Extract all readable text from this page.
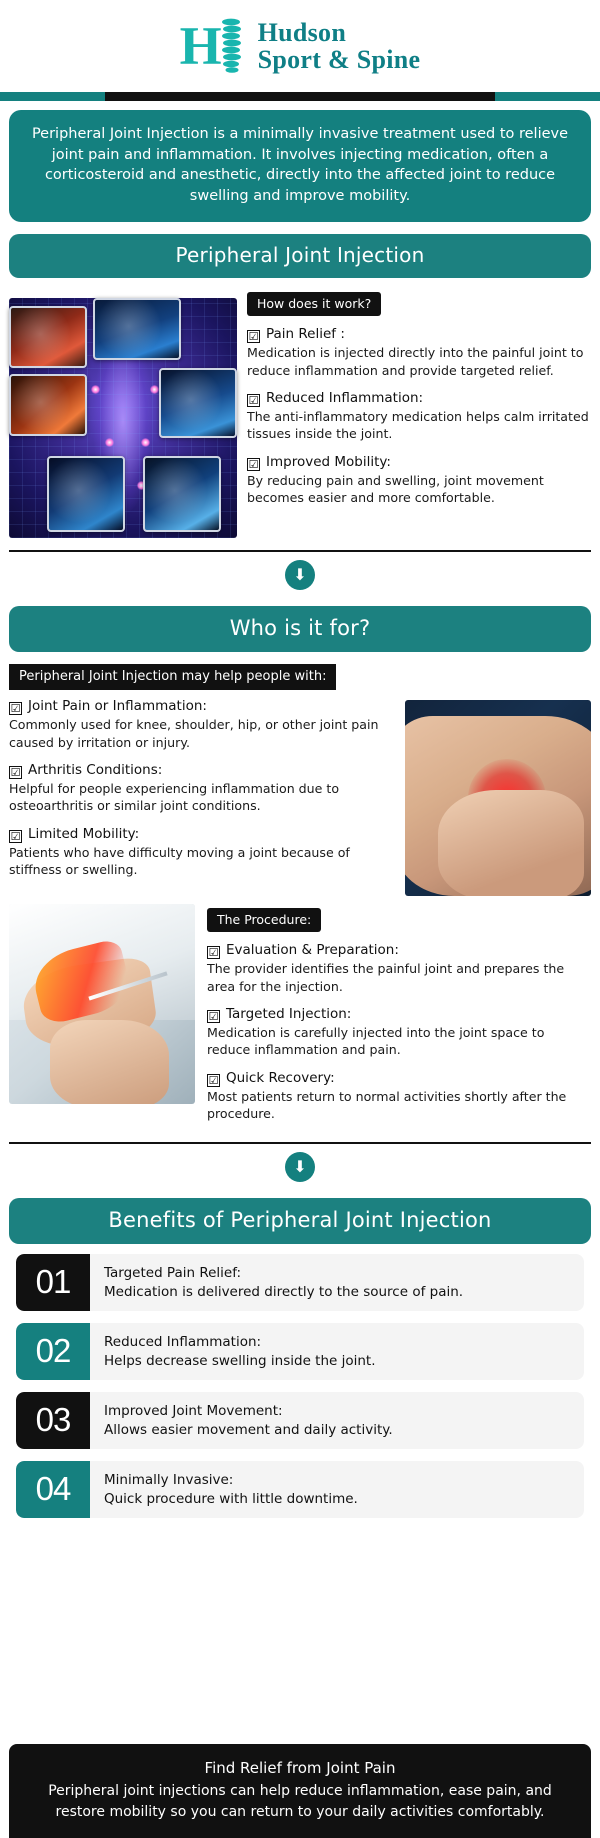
H Hudson
Sport & Spine
Peripheral Joint Injection is a minimally invasive treatment used to relieve joint pain and inflammation. It involves injecting medication, often a corticosteroid and anesthetic, directly into the affected joint to reduce swelling and improve mobility.
Peripheral Joint Injection
How does it work?
☑ Pain Relief :
Medication is injected directly into the painful joint to reduce inflammation and provide targeted relief.
☑ Reduced Inflammation:
The anti-inflammatory medication helps calm irritated tissues inside the joint.
☑ Improved Mobility:
By reducing pain and swelling, joint movement becomes easier and more comfortable.
⬇
Who is it for?
Peripheral Joint Injection may help people with:
☑ Joint Pain or Inflammation:
Commonly used for knee, shoulder, hip, or other joint pain caused by irritation or injury.
☑ Arthritis Conditions:
Helpful for people experiencing inflammation due to osteoarthritis or similar joint conditions.
☑ Limited Mobility:
Patients who have difficulty moving a joint because of stiffness or swelling.
The Procedure:
☑ Evaluation & Preparation:
The provider identifies the painful joint and prepares the area for the injection.
☑ Targeted Injection:
Medication is carefully injected into the joint space to reduce inflammation and pain.
☑ Quick Recovery:
Most patients return to normal activities shortly after the procedure.
⬇
Benefits of Peripheral Joint Injection
01	Targeted Pain Relief:
Medication is delivered directly to the source of pain.
02	Reduced Inflammation:
Helps decrease swelling inside the joint.
03	Improved Joint Movement:
Allows easier movement and daily activity.
04	Minimally Invasive:
Quick procedure with little downtime.
Find Relief from Joint Pain
Peripheral joint injections can help reduce inflammation, ease pain, and restore mobility so you can return to your daily activities comfortably.
